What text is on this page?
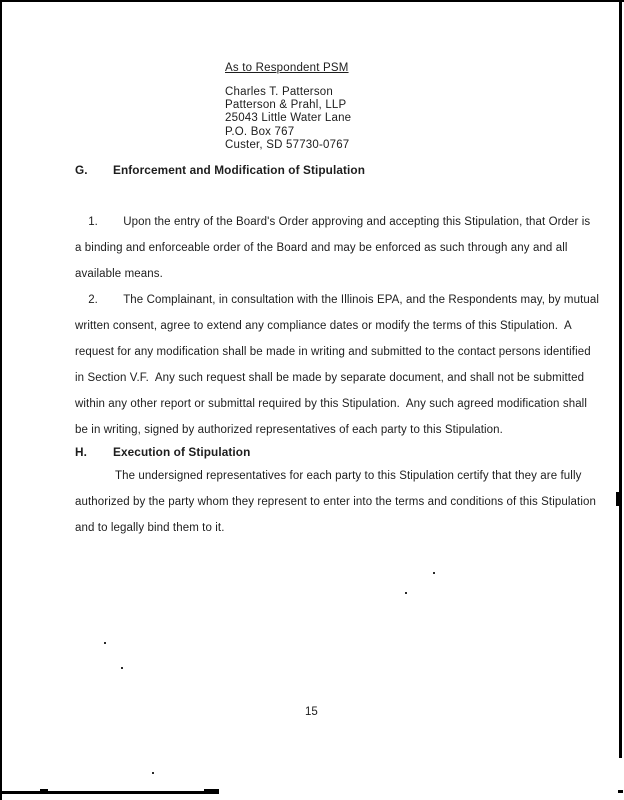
As to Respondent PSM
Charles T. Patterson
Patterson & Prahl, LLP
25043 Little Water Lane
P.O. Box 767
Custer, SD 57730-0767
G. Enforcement and Modification of Stipulation

1. Upon the entry of the Board's Order approving and accepting this Stipulation, that Order is a binding and enforceable order of the Board and may be enforced as such through any and all available means.

2. The Complainant, in consultation with the Illinois EPA, and the Respondents may, by mutual written consent, agree to extend any compliance dates or modify the terms of this Stipulation.  A request for any modification shall be made in writing and submitted to the contact persons identified in Section V.F.  Any such request shall be made by separate document, and shall not be submitted within any other report or submittal required by this Stipulation.  Any such agreed modification shall be in writing, signed by authorized representatives of each party to this Stipulation.

H. Execution of Stipulation

The undersigned representatives for each party to this Stipulation certify that they are fully authorized by the party whom they represent to enter into the terms and conditions of this Stipulation and to legally bind them to it.

15
